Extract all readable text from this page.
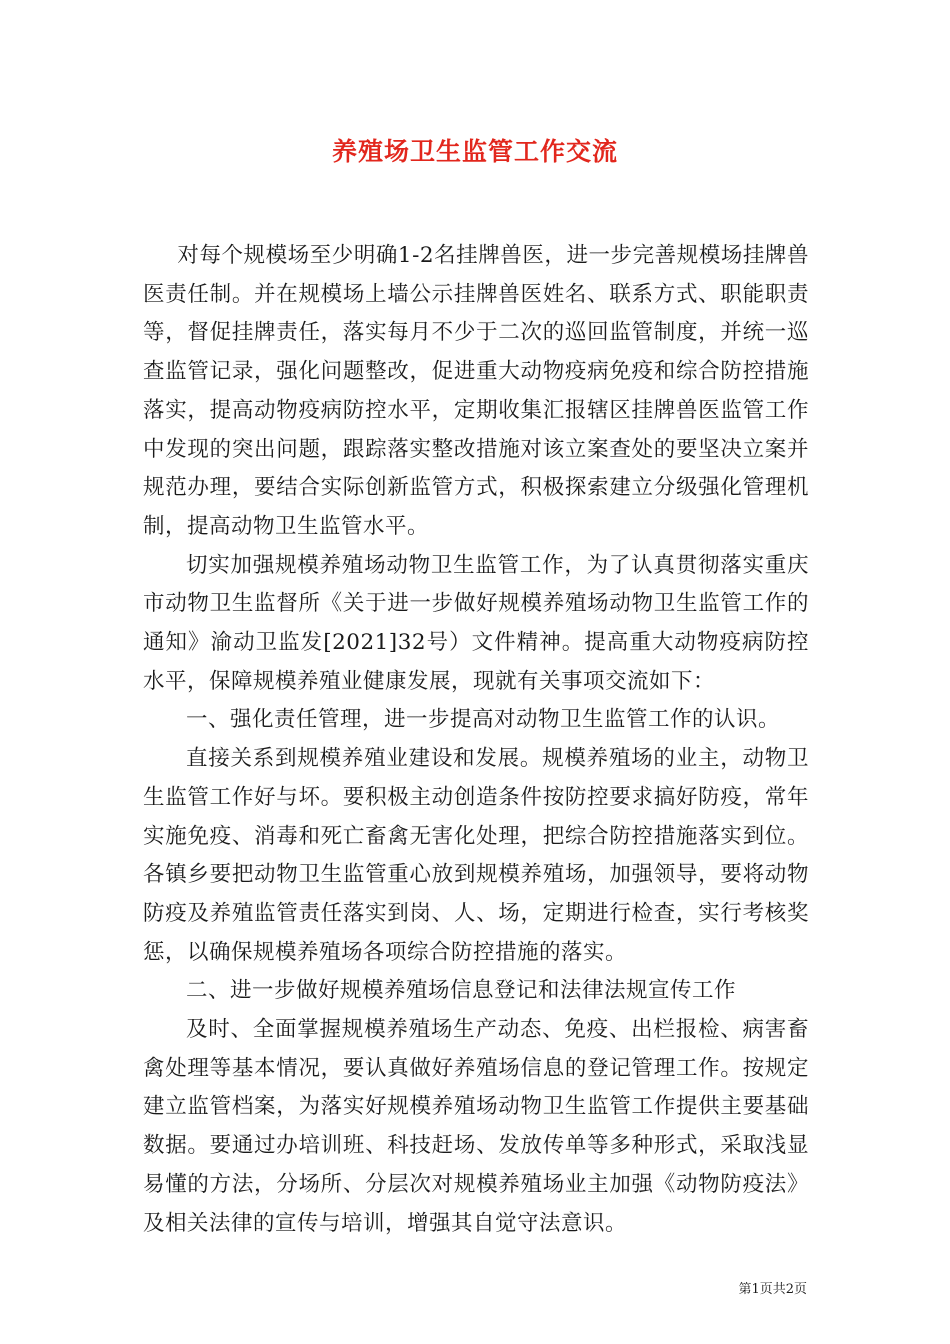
养殖场卫生监管工作交流

对每个规模场至少明确1-2名挂牌兽医，进一步完善规模场挂牌兽医责任制。并在规模场上墙公示挂牌兽医姓名、联系方式、职能职责等，督促挂牌责任，落实每月不少于二次的巡回监管制度，并统一巡查监管记录，强化问题整改，促进重大动物疫病免疫和综合防控措施落实，提高动物疫病防控水平，定期收集汇报辖区挂牌兽医监管工作中发现的突出问题，跟踪落实整改措施对该立案查处的要坚决立案并规范办理，要结合实际创新监管方式，积极探索建立分级强化管理机制，提高动物卫生监管水平。

切实加强规模养殖场动物卫生监管工作，为了认真贯彻落实重庆市动物卫生监督所《关于进一步做好规模养殖场动物卫生监管工作的通知》渝动卫监发[2021]32号）文件精神。提高重大动物疫病防控水平，保障规模养殖业健康发展，现就有关事项交流如下：

一、强化责任管理，进一步提高对动物卫生监管工作的认识。

直接关系到规模养殖业建设和发展。规模养殖场的业主，动物卫生监管工作好与坏。要积极主动创造条件按防控要求搞好防疫，常年实施免疫、消毒和死亡畜禽无害化处理，把综合防控措施落实到位。各镇乡要把动物卫生监管重心放到规模养殖场，加强领导，要将动物防疫及养殖监管责任落实到岗、人、场，定期进行检查，实行考核奖惩，以确保规模养殖场各项综合防控措施的落实。

二、进一步做好规模养殖场信息登记和法律法规宣传工作

及时、全面掌握规模养殖场生产动态、免疫、出栏报检、病害畜禽处理等基本情况，要认真做好养殖场信息的登记管理工作。按规定建立监管档案，为落实好规模养殖场动物卫生监管工作提供主要基础数据。要通过办培训班、科技赶场、发放传单等多种形式，采取浅显易懂的方法，分场所、分层次对规模养殖场业主加强《动物防疫法》及相关法律的宣传与培训，增强其自觉守法意识。

第1页共2页
